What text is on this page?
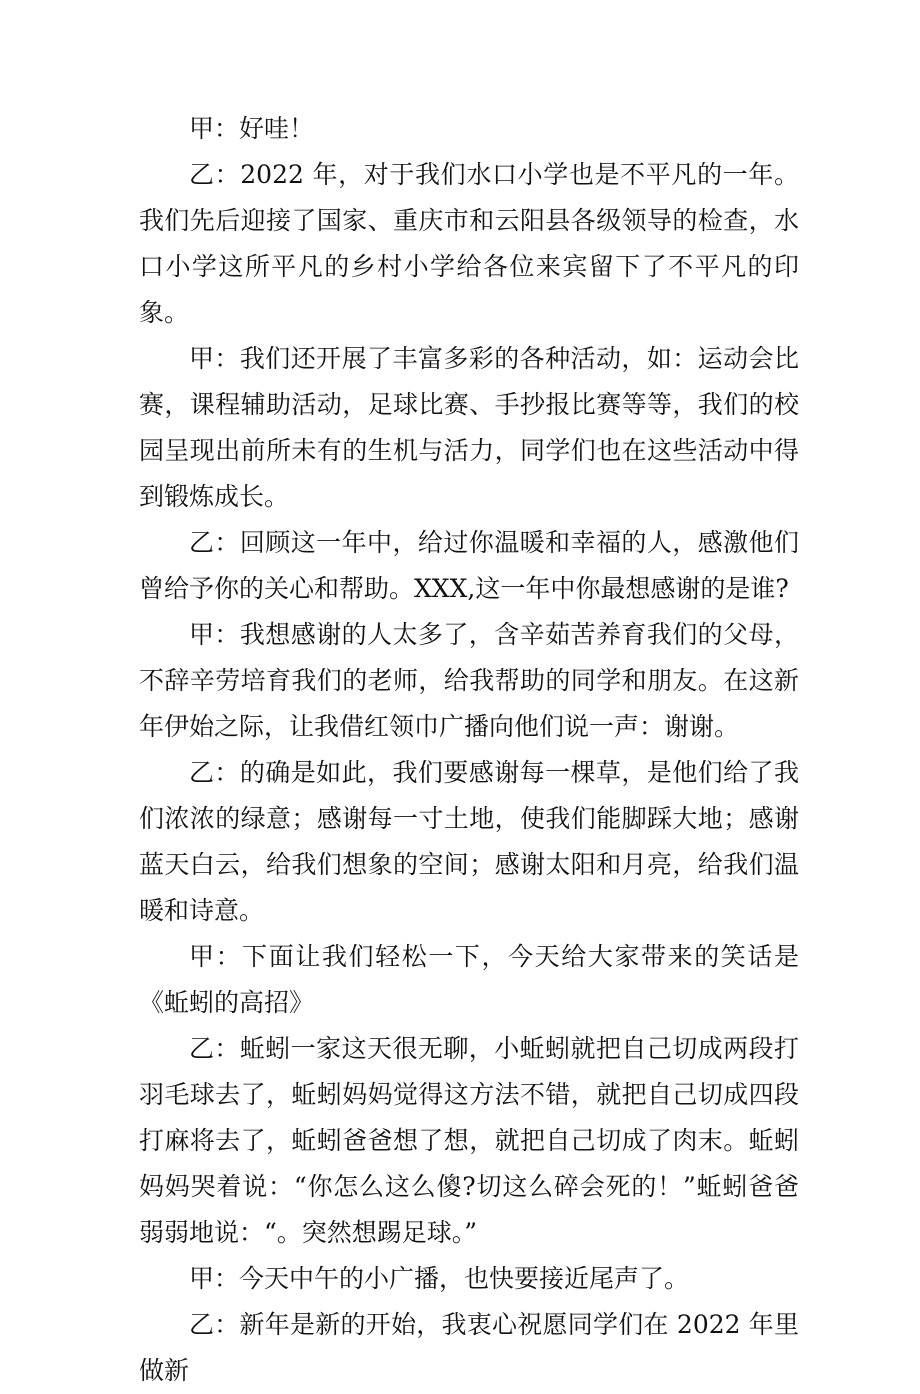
甲：好哇！

乙：2022 年，对于我们水口小学也是不平凡的一年。我们先后迎接了国家、重庆市和云阳县各级领导的检查，水口小学这所平凡的乡村小学给各位来宾留下了不平凡的印象。

甲：我们还开展了丰富多彩的各种活动，如：运动会比赛，课程辅助活动，足球比赛、手抄报比赛等等，我们的校园呈现出前所未有的生机与活力，同学们也在这些活动中得到锻炼成长。

乙：回顾这一年中，给过你温暖和幸福的人，感激他们曾给予你的关心和帮助。XXX,这一年中你最想感谢的是谁?

甲：我想感谢的人太多了，含辛茹苦养育我们的父母，不辞辛劳培育我们的老师，给我帮助的同学和朋友。在这新年伊始之际，让我借红领巾广播向他们说一声：谢谢。

乙：的确是如此，我们要感谢每一棵草，是他们给了我们浓浓的绿意；感谢每一寸土地，使我们能脚踩大地；感谢蓝天白云，给我们想象的空间；感谢太阳和月亮，给我们温暖和诗意。

甲：下面让我们轻松一下，今天给大家带来的笑话是《蚯蚓的高招》

乙：蚯蚓一家这天很无聊，小蚯蚓就把自己切成两段打羽毛球去了，蚯蚓妈妈觉得这方法不错，就把自己切成四段打麻将去了，蚯蚓爸爸想了想，就把自己切成了肉末。蚯蚓妈妈哭着说：“你怎么这么傻?切这么碎会死的！”蚯蚓爸爸弱弱地说：“。突然想踢足球。”

甲：今天中午的小广播，也快要接近尾声了。

乙：新年是新的开始，我衷心祝愿同学们在 2022 年里做新
